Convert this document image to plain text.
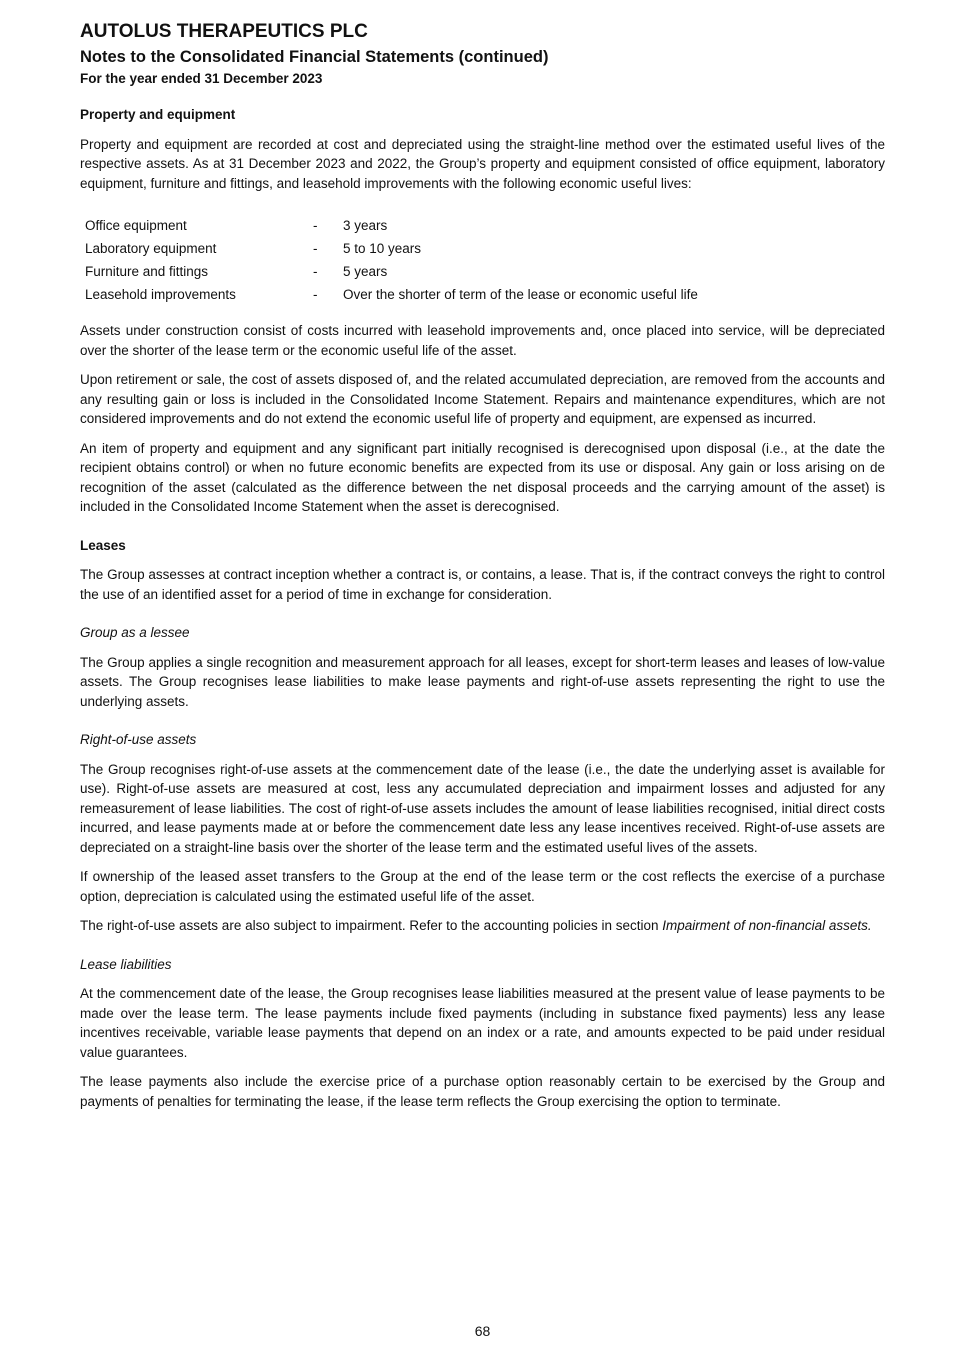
AUTOLUS THERAPEUTICS PLC
Notes to the Consolidated Financial Statements (continued)
For the year ended 31 December 2023
Property and equipment

Property and equipment are recorded at cost and depreciated using the straight-line method over the estimated useful lives of the respective assets. As at 31 December 2023 and 2022, the Group’s property and equipment consisted of office equipment, laboratory equipment, furniture and fittings, and leasehold improvements with the following economic useful lives:

Office equipment	-	3 years
Laboratory equipment	-	5 to 10 years
Furniture and fittings	-	5 years
Leasehold improvements	-	Over the shorter of term of the lease or economic useful life

Assets under construction consist of costs incurred with leasehold improvements and, once placed into service, will be depreciated over the shorter of the lease term or the economic useful life of the asset.

Upon retirement or sale, the cost of assets disposed of, and the related accumulated depreciation, are removed from the accounts and any resulting gain or loss is included in the Consolidated Income Statement. Repairs and maintenance expenditures, which are not considered improvements and do not extend the economic useful life of property and equipment, are expensed as incurred.

An item of property and equipment and any significant part initially recognised is derecognised upon disposal (i.e., at the date the recipient obtains control) or when no future economic benefits are expected from its use or disposal. Any gain or loss arising on de recognition of the asset (calculated as the difference between the net disposal proceeds and the carrying amount of the asset) is included in the Consolidated Income Statement when the asset is derecognised.

Leases

The Group assesses at contract inception whether a contract is, or contains, a lease. That is, if the contract conveys the right to control the use of an identified asset for a period of time in exchange for consideration.

Group as a lessee

The Group applies a single recognition and measurement approach for all leases, except for short-term leases and leases of low-value assets. The Group recognises lease liabilities to make lease payments and right-of-use assets representing the right to use the underlying assets.

Right-of-use assets

The Group recognises right-of-use assets at the commencement date of the lease (i.e., the date the underlying asset is available for use). Right-of-use assets are measured at cost, less any accumulated depreciation and impairment losses and adjusted for any remeasurement of lease liabilities. The cost of right-of-use assets includes the amount of lease liabilities recognised, initial direct costs incurred, and lease payments made at or before the commencement date less any lease incentives received. Right-of-use assets are depreciated on a straight-line basis over the shorter of the lease term and the estimated useful lives of the assets.

If ownership of the leased asset transfers to the Group at the end of the lease term or the cost reflects the exercise of a purchase option, depreciation is calculated using the estimated useful life of the asset.

The right-of-use assets are also subject to impairment. Refer to the accounting policies in section Impairment of non-financial assets.

Lease liabilities

At the commencement date of the lease, the Group recognises lease liabilities measured at the present value of lease payments to be made over the lease term. The lease payments include fixed payments (including in substance fixed payments) less any lease incentives receivable, variable lease payments that depend on an index or a rate, and amounts expected to be paid under residual value guarantees.

The lease payments also include the exercise price of a purchase option reasonably certain to be exercised by the Group and payments of penalties for terminating the lease, if the lease term reflects the Group exercising the option to terminate.

68
